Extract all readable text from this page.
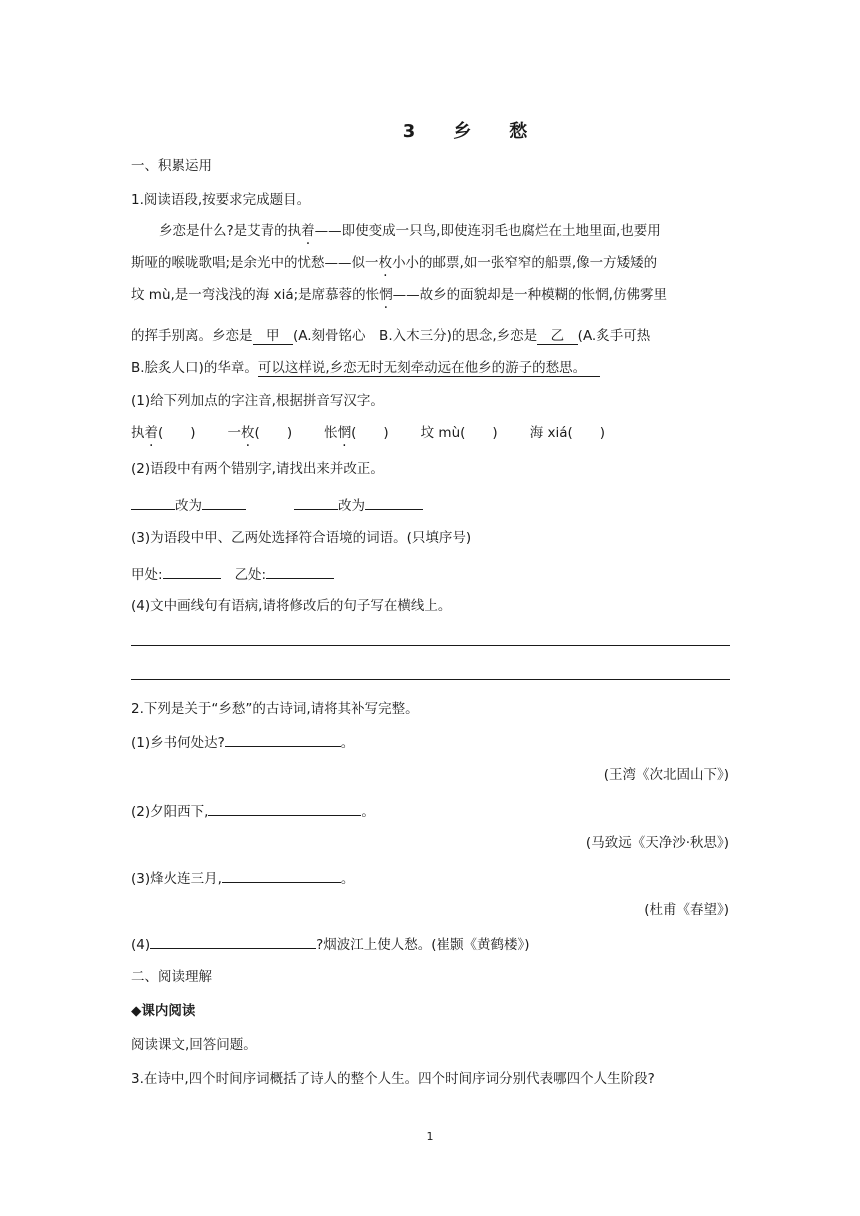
3　乡　愁
一、积累运用
1.阅读语段,按要求完成题目。
乡恋是什么?是艾青的执着——即使变成一只鸟,即使连羽毛也腐烂在土地里面,也要用
斯哑的喉咙歌唱;是余光中的忧愁——似一枚小小的邮票,如一张窄窄的船票,像一方矮矮的
坟 mù,是一弯浅浅的海 xiá;是席慕蓉的怅惘——故乡的面貌却是一种模糊的怅惘,仿佛雾里
的挥手别离。乡恋是   甲   (A.刻骨铭心　B.入木三分)的思念,乡恋是   乙   (A.炙手可热
B.脍炙人口)的华章。可以这样说,乡恋无时无刻牵动远在他乡的游子的愁思。  
(1)给下列加点的字注音,根据拼音写汉字。
执着(　　) 一枚(　　) 怅惘(　　) 坟 mù(　　) 海 xiá(　　)
(2)语段中有两个错别字,请找出来并改正。
改为	改为
(3)为语段中甲、乙两处选择符合语境的词语。(只填序号)
甲处:	乙处:
(4)文中画线句有语病,请将修改后的句子写在横线上。
2.下列是关于“乡愁”的古诗词,请将其补写完整。
(1)乡书何处达?	。
(王湾《次北固山下》)
(2)夕阳西下,	。
(马致远《天净沙·秋思》)
(3)烽火连三月,	。
(杜甫《春望》)
(4)	?烟波江上使人愁。(崔颢《黄鹤楼》)
二、阅读理解
◆课内阅读
阅读课文,回答问题。
3.在诗中,四个时间序词概括了诗人的整个人生。四个时间序词分别代表哪四个人生阶段?
1
